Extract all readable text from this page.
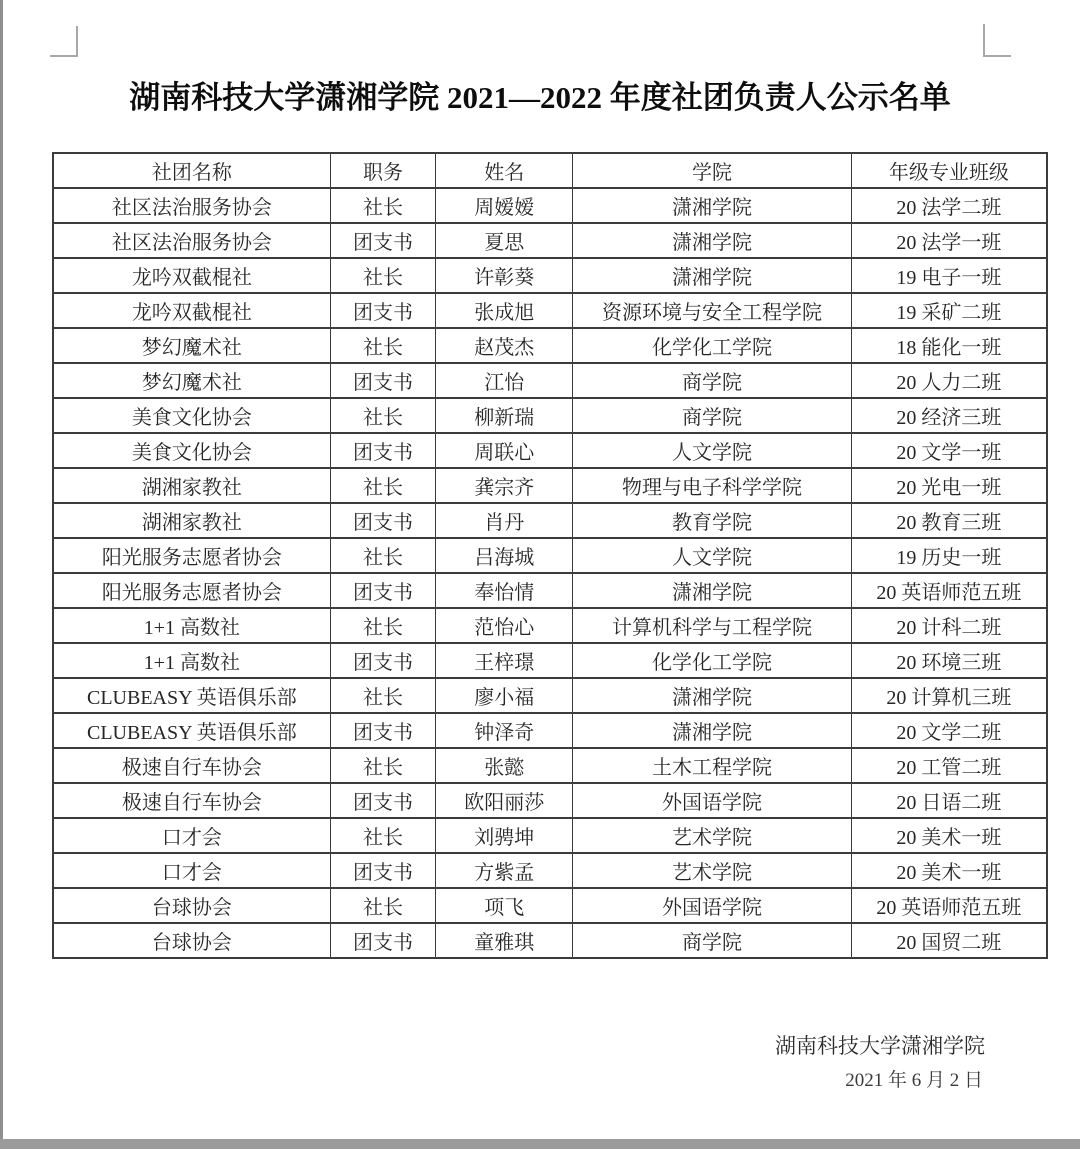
湖南科技大学潇湘学院 2021—2022 年度社团负责人公示名单
社团名称	职务	姓名	学院	年级专业班级
社区法治服务协会	社长	周嫒嫒	潇湘学院	20 法学二班
社区法治服务协会	团支书	夏思	潇湘学院	20 法学一班
龙吟双截棍社	社长	许彰葵	潇湘学院	19 电子一班
龙吟双截棍社	团支书	张成旭	资源环境与安全工程学院	19 采矿二班
梦幻魔术社	社长	赵茂杰	化学化工学院	18 能化一班
梦幻魔术社	团支书	江怡	商学院	20 人力二班
美食文化协会	社长	柳新瑞	商学院	20 经济三班
美食文化协会	团支书	周联心	人文学院	20 文学一班
湖湘家教社	社长	龚宗齐	物理与电子科学学院	20 光电一班
湖湘家教社	团支书	肖丹	教育学院	20 教育三班
阳光服务志愿者协会	社长	吕海城	人文学院	19 历史一班
阳光服务志愿者协会	团支书	奉怡情	潇湘学院	20 英语师范五班
1+1 高数社	社长	范怡心	计算机科学与工程学院	20 计科二班
1+1 高数社	团支书	王梓璟	化学化工学院	20 环境三班
CLUBEASY 英语俱乐部	社长	廖小福	潇湘学院	20 计算机三班
CLUBEASY 英语俱乐部	团支书	钟泽奇	潇湘学院	20 文学二班
极速自行车协会	社长	张懿	土木工程学院	20 工管二班
极速自行车协会	团支书	欧阳丽莎	外国语学院	20 日语二班
口才会	社长	刘骋坤	艺术学院	20 美术一班
口才会	团支书	方紫孟	艺术学院	20 美术一班
台球协会	社长	项飞	外国语学院	20 英语师范五班
台球协会	团支书	童雅琪	商学院	20 国贸二班
湖南科技大学潇湘学院
2021 年 6 月 2 日
